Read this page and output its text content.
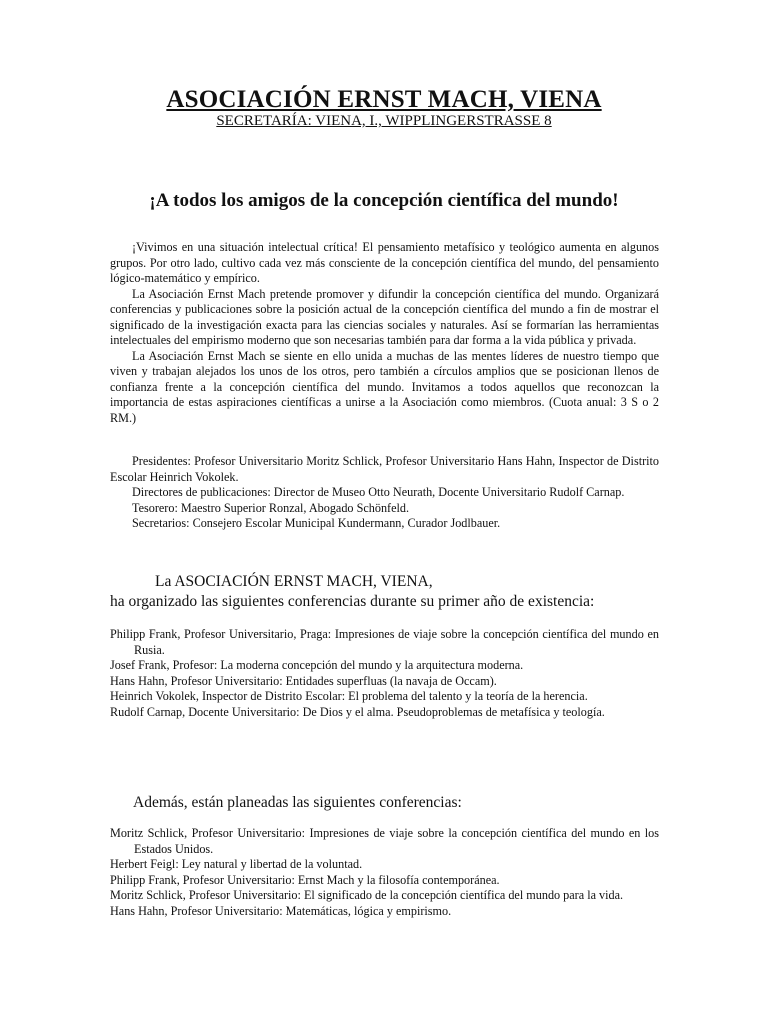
ASOCIACIÓN ERNST MACH, VIENA
SECRETARÍA: VIENA, I., WIPPLINGERSTRASSE 8
¡A todos los amigos de la concepción científica del mundo!

¡Vivimos en una situación intelectual crítica! El pensamiento metafísico y teológico aumenta en algunos grupos. Por otro lado, cultivo cada vez más consciente de la concepción científica del mundo, del pensamiento lógico-matemático y empírico.

La Asociación Ernst Mach pretende promover y difundir la concepción científica del mundo. Organizará conferencias y publicaciones sobre la posición actual de la concepción científica del mundo a fin de mostrar el significado de la investigación exacta para las ciencias sociales y naturales. Así se formarían las herramientas intelectuales del empirismo moderno que son necesarias también para dar forma a la vida pública y privada.

La Asociación Ernst Mach se siente en ello unida a muchas de las mentes líderes de nuestro tiempo que viven y trabajan alejados los unos de los otros, pero también a círculos amplios que se posicionan llenos de confianza frente a la concepción científica del mundo. Invitamos a todos aquellos que reconozcan la importancia de estas aspiraciones científicas a unirse a la Asociación como miembros. (Cuota anual: 3 S o 2 RM.)

Presidentes: Profesor Universitario Moritz Schlick, Profesor Universitario Hans Hahn, Inspector de Distrito Escolar Heinrich Vokolek.

Directores de publicaciones: Director de Museo Otto Neurath, Docente Universitario Rudolf Carnap.

Tesorero: Maestro Superior Ronzal, Abogado Schönfeld.

Secretarios: Consejero Escolar Municipal Kundermann, Curador Jodlbauer.

La ASOCIACIÓN ERNST MACH, VIENA,
ha organizado las siguientes conferencias durante su primer año de existencia:
Philipp Frank, Profesor Universitario, Praga: Impresiones de viaje sobre la concepción científica del mundo en Rusia.
Josef Frank, Profesor: La moderna concepción del mundo y la arquitectura moderna.
Hans Hahn, Profesor Universitario: Entidades superfluas (la navaja de Occam).
Heinrich Vokolek, Inspector de Distrito Escolar: El problema del talento y la teoría de la herencia.
Rudolf Carnap, Docente Universitario: De Dios y el alma. Pseudoproblemas de metafísica y teología.
Además, están planeadas las siguientes conferencias:
Moritz Schlick, Profesor Universitario: Impresiones de viaje sobre la concepción científica del mundo en los Estados Unidos.
Herbert Feigl: Ley natural y libertad de la voluntad.
Philipp Frank, Profesor Universitario: Ernst Mach y la filosofía contemporánea.
Moritz Schlick, Profesor Universitario: El significado de la concepción científica del mundo para la vida.
Hans Hahn, Profesor Universitario: Matemáticas, lógica y empirismo.
